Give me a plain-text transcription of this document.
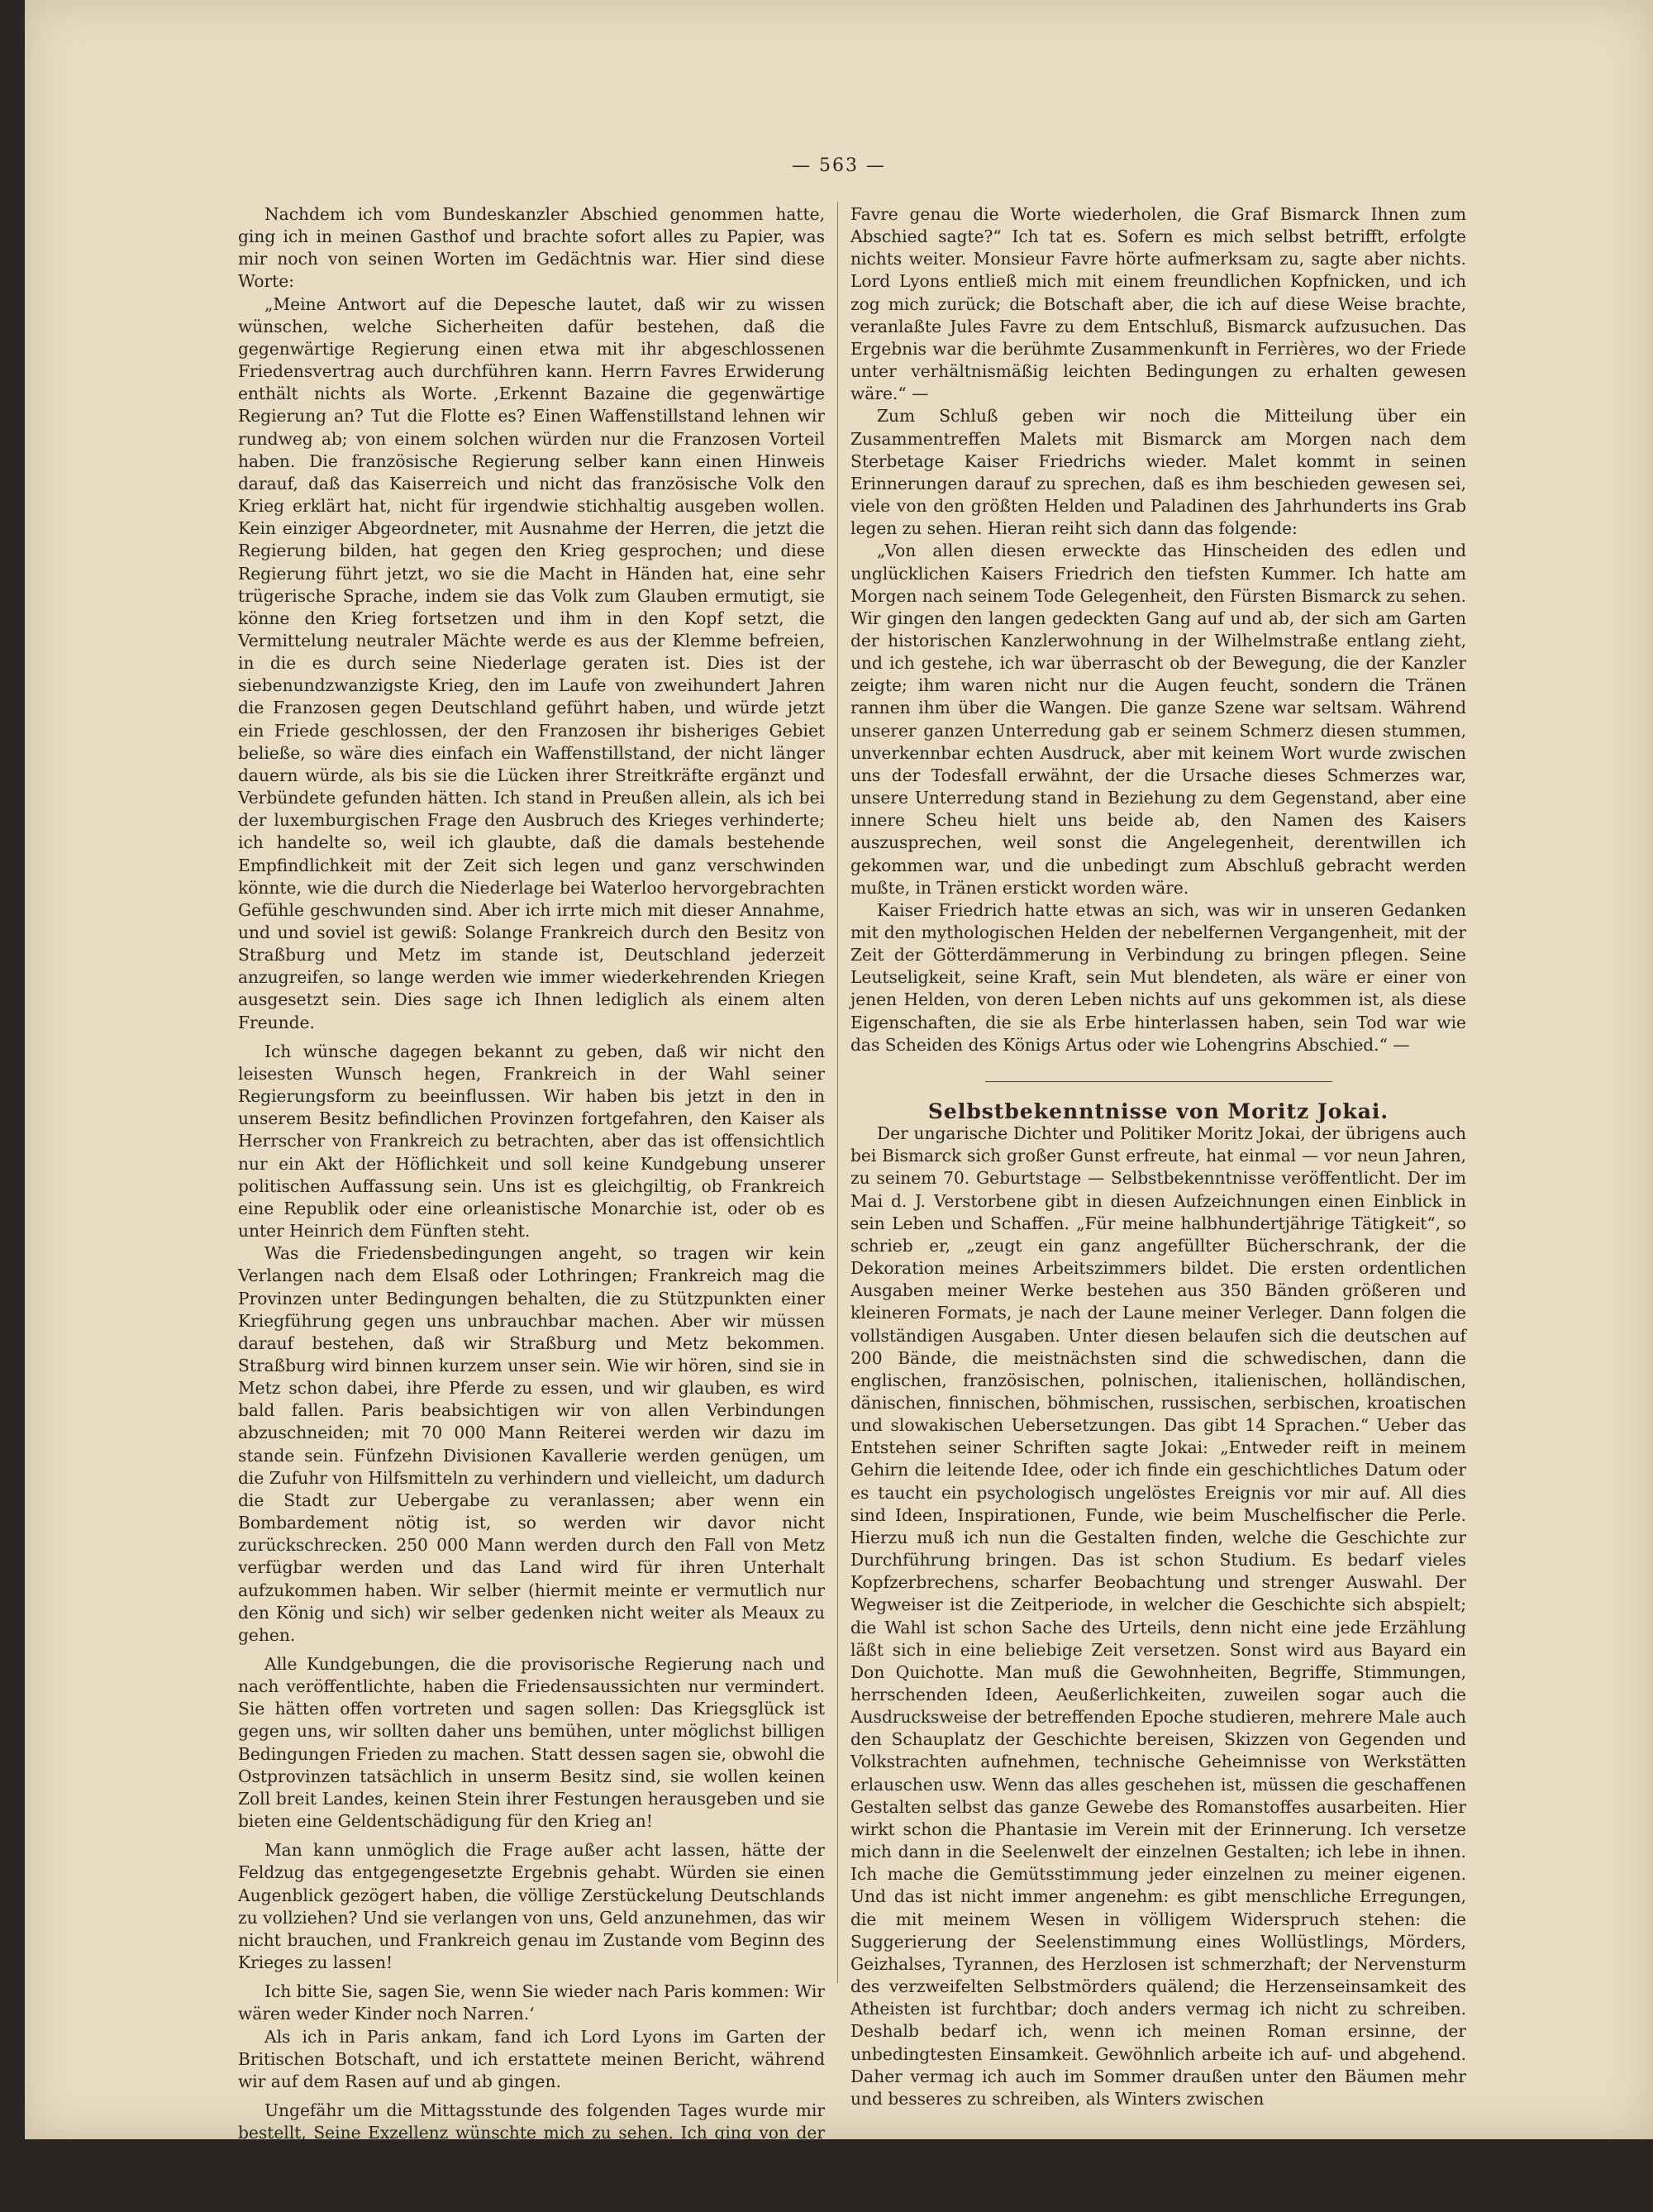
— 563 —

Nachdem ich vom Bundeskanzler Abschied genommen hatte, ging ich in meinen Gasthof und brachte sofort alles zu Papier, was mir noch von seinen Worten im Gedächtnis war. Hier sind diese Worte:

„Meine Antwort auf die Depesche lautet, daß wir zu wissen wünschen, welche Sicherheiten dafür bestehen, daß die gegenwärtige Regierung einen etwa mit ihr abgeschlossenen Friedensvertrag auch durchführen kann. Herrn Favres Erwiderung enthält nichts als Worte. ‚Erkennt Bazaine die gegenwärtige Regierung an? Tut die Flotte es? Einen Waffenstillstand lehnen wir rundweg ab; von einem solchen würden nur die Franzosen Vorteil haben. Die französische Regierung selber kann einen Hinweis darauf, daß das Kaiserreich und nicht das französische Volk den Krieg erklärt hat, nicht für irgendwie stichhaltig ausgeben wollen. Kein einziger Abgeordneter, mit Ausnahme der Herren, die jetzt die Regierung bilden, hat gegen den Krieg gesprochen; und diese Regierung führt jetzt, wo sie die Macht in Händen hat, eine sehr trügerische Sprache, indem sie das Volk zum Glauben ermutigt, sie könne den Krieg fortsetzen und ihm in den Kopf setzt, die Vermittelung neutraler Mächte werde es aus der Klemme befreien, in die es durch seine Niederlage geraten ist. Dies ist der siebenundzwanzigste Krieg, den im Laufe von zweihundert Jahren die Franzosen gegen Deutschland geführt haben, und würde jetzt ein Friede geschlossen, der den Franzosen ihr bisheriges Gebiet beließe, so wäre dies einfach ein Waffenstillstand, der nicht länger dauern würde, als bis sie die Lücken ihrer Streitkräfte ergänzt und Verbündete gefunden hätten. Ich stand in Preußen allein, als ich bei der luxemburgischen Frage den Ausbruch des Krieges verhinderte; ich handelte so, weil ich glaubte, daß die damals bestehende Empfindlichkeit mit der Zeit sich legen und ganz verschwinden könnte, wie die durch die Niederlage bei Waterloo hervorgebrachten Gefühle geschwunden sind. Aber ich irrte mich mit dieser Annahme, und und soviel ist gewiß: Solange Frankreich durch den Besitz von Straßburg und Metz im stande ist, Deutschland jederzeit anzugreifen, so lange werden wie immer wiederkehrenden Kriegen ausgesetzt sein. Dies sage ich Ihnen lediglich als einem alten Freunde.

Ich wünsche dagegen bekannt zu geben, daß wir nicht den leisesten Wunsch hegen, Frankreich in der Wahl seiner Regierungsform zu beeinflussen. Wir haben bis jetzt in den in unserem Besitz befindlichen Provinzen fortgefahren, den Kaiser als Herrscher von Frankreich zu betrachten, aber das ist offensichtlich nur ein Akt der Höflichkeit und soll keine Kundgebung unserer politischen Auffassung sein. Uns ist es gleichgiltig, ob Frankreich eine Republik oder eine orleanistische Monarchie ist, oder ob es unter Heinrich dem Fünften steht.

Was die Friedensbedingungen angeht, so tragen wir kein Verlangen nach dem Elsaß oder Lothringen; Frankreich mag die Provinzen unter Bedingungen behalten, die zu Stützpunkten einer Kriegführung gegen uns unbrauchbar machen. Aber wir müssen darauf bestehen, daß wir Straßburg und Metz bekommen. Straßburg wird binnen kurzem unser sein. Wie wir hören, sind sie in Metz schon dabei, ihre Pferde zu essen, und wir glauben, es wird bald fallen. Paris beabsichtigen wir von allen Verbindungen abzuschneiden; mit 70 000 Mann Reiterei werden wir dazu im stande sein. Fünfzehn Divisionen Kavallerie werden genügen, um die Zufuhr von Hilfsmitteln zu verhindern und vielleicht, um dadurch die Stadt zur Uebergabe zu veranlassen; aber wenn ein Bombardement nötig ist, so werden wir davor nicht zurückschrecken. 250 000 Mann werden durch den Fall von Metz verfügbar werden und das Land wird für ihren Unterhalt aufzukommen haben. Wir selber (hiermit meinte er vermutlich nur den König und sich) wir selber gedenken nicht weiter als Meaux zu gehen.

Alle Kundgebungen, die die provisorische Regierung nach und nach veröffentlichte, haben die Friedensaussichten nur vermindert. Sie hätten offen vortreten und sagen sollen: Das Kriegsglück ist gegen uns, wir sollten daher uns bemühen, unter möglichst billigen Bedingungen Frieden zu machen. Statt dessen sagen sie, obwohl die Ostprovinzen tatsächlich in unserm Besitz sind, sie wollen keinen Zoll breit Landes, keinen Stein ihrer Festungen herausgeben und sie bieten eine Geldentschädigung für den Krieg an!

Man kann unmöglich die Frage außer acht lassen, hätte der Feldzug das entgegengesetzte Ergebnis gehabt. Würden sie einen Augenblick gezögert haben, die völlige Zerstückelung Deutschlands zu vollziehen? Und sie verlangen von uns, Geld anzunehmen, das wir nicht brauchen, und Frankreich genau im Zustande vom Beginn des Krieges zu lassen!

Ich bitte Sie, sagen Sie, wenn Sie wieder nach Paris kommen: Wir wären weder Kinder noch Narren.‘

Als ich in Paris ankam, fand ich Lord Lyons im Garten der Britischen Botschaft, und ich erstattete meinen Bericht, während wir auf dem Rasen auf und ab gingen.

Ungefähr um die Mittagsstunde des folgenden Tages wurde mir bestellt, Seine Exzellenz wünschte mich zu sehen. Ich ging von der Kanzlei hinüber und wurde in den gelben Salon gewiesen, wo ich ihn und Jules Favre fand. Lord Lyons bat mich, Platz zu nehmen; dann sagte er zu mir: ‚Wollen Sie Monsieur Jules

Favre genau die Worte wiederholen, die Graf Bismarck Ihnen zum Abschied sagte?“ Ich tat es. Sofern es mich selbst betrifft, erfolgte nichts weiter. Monsieur Favre hörte aufmerksam zu, sagte aber nichts. Lord Lyons entließ mich mit einem freundlichen Kopfnicken, und ich zog mich zurück; die Botschaft aber, die ich auf diese Weise brachte, veranlaßte Jules Favre zu dem Entschluß, Bismarck aufzusuchen. Das Ergebnis war die berühmte Zusammenkunft in Ferrières, wo der Friede unter verhältnismäßig leichten Bedingungen zu erhalten gewesen wäre.“ —

Zum Schluß geben wir noch die Mitteilung über ein Zusammentreffen Malets mit Bismarck am Morgen nach dem Sterbetage Kaiser Friedrichs wieder. Malet kommt in seinen Erinnerungen darauf zu sprechen, daß es ihm beschieden gewesen sei, viele von den größten Helden und Paladinen des Jahrhunderts ins Grab legen zu sehen. Hieran reiht sich dann das folgende:

„Von allen diesen erweckte das Hinscheiden des edlen und unglücklichen Kaisers Friedrich den tiefsten Kummer. Ich hatte am Morgen nach seinem Tode Gelegenheit, den Fürsten Bismarck zu sehen. Wir gingen den langen gedeckten Gang auf und ab, der sich am Garten der historischen Kanzlerwohnung in der Wilhelmstraße entlang zieht, und ich gestehe, ich war überrascht ob der Bewegung, die der Kanzler zeigte; ihm waren nicht nur die Augen feucht, sondern die Tränen rannen ihm über die Wangen. Die ganze Szene war seltsam. Während unserer ganzen Unterredung gab er seinem Schmerz diesen stummen, unverkennbar echten Ausdruck, aber mit keinem Wort wurde zwischen uns der Todesfall erwähnt, der die Ursache dieses Schmerzes war, unsere Unterredung stand in Beziehung zu dem Gegenstand, aber eine innere Scheu hielt uns beide ab, den Namen des Kaisers auszusprechen, weil sonst die Angelegenheit, derentwillen ich gekommen war, und die unbedingt zum Abschluß gebracht werden mußte, in Tränen erstickt worden wäre.

Kaiser Friedrich hatte etwas an sich, was wir in unseren Gedanken mit den mythologischen Helden der nebelfernen Vergangenheit, mit der Zeit der Götterdämmerung in Verbindung zu bringen pflegen. Seine Leutseligkeit, seine Kraft, sein Mut blendeten, als wäre er einer von jenen Helden, von deren Leben nichts auf uns gekommen ist, als diese Eigenschaften, die sie als Erbe hinterlassen haben, sein Tod war wie das Scheiden des Königs Artus oder wie Lohengrins Abschied.“ —

Selbstbekenntnisse von Moritz Jokai.

Der ungarische Dichter und Politiker Moritz Jokai, der übrigens auch bei Bismarck sich großer Gunst erfreute, hat einmal — vor neun Jahren, zu seinem 70. Geburtstage — Selbstbekenntnisse veröffentlicht. Der im Mai d. J. Verstorbene gibt in diesen Aufzeichnungen einen Einblick in sein Leben und Schaffen. „Für meine halbhundertjährige Tätigkeit“, so schrieb er, „zeugt ein ganz angefüllter Bücherschrank, der die Dekoration meines Arbeitszimmers bildet. Die ersten ordentlichen Ausgaben meiner Werke bestehen aus 350 Bänden größeren und kleineren Formats, je nach der Laune meiner Verleger. Dann folgen die vollständigen Ausgaben. Unter diesen belaufen sich die deutschen auf 200 Bände, die meistnächsten sind die schwedischen, dann die englischen, französischen, polnischen, italienischen, holländischen, dänischen, finnischen, böhmischen, russischen, serbischen, kroatischen und slowakischen Uebersetzungen. Das gibt 14 Sprachen.“ Ueber das Entstehen seiner Schriften sagte Jokai: „Entweder reift in meinem Gehirn die leitende Idee, oder ich finde ein geschichtliches Datum oder es taucht ein psychologisch ungelöstes Ereignis vor mir auf. All dies sind Ideen, Inspirationen, Funde, wie beim Muschelfischer die Perle. Hierzu muß ich nun die Gestalten finden, welche die Geschichte zur Durchführung bringen. Das ist schon Studium. Es bedarf vieles Kopfzerbrechens, scharfer Beobachtung und strenger Auswahl. Der Wegweiser ist die Zeitperiode, in welcher die Geschichte sich abspielt; die Wahl ist schon Sache des Urteils, denn nicht eine jede Erzählung läßt sich in eine beliebige Zeit versetzen. Sonst wird aus Bayard ein Don Quichotte. Man muß die Gewohnheiten, Begriffe, Stimmungen, herrschenden Ideen, Aeußerlichkeiten, zuweilen sogar auch die Ausdrucksweise der betreffenden Epoche studieren, mehrere Male auch den Schauplatz der Geschichte bereisen, Skizzen von Gegenden und Volkstrachten aufnehmen, technische Geheimnisse von Werkstätten erlauschen usw. Wenn das alles geschehen ist, müssen die geschaffenen Gestalten selbst das ganze Gewebe des Romanstoffes ausarbeiten. Hier wirkt schon die Phantasie im Verein mit der Erinnerung. Ich versetze mich dann in die Seelenwelt der einzelnen Gestalten; ich lebe in ihnen. Ich mache die Gemütsstimmung jeder einzelnen zu meiner eigenen. Und das ist nicht immer angenehm: es gibt menschliche Erregungen, die mit meinem Wesen in völligem Widerspruch stehen: die Suggerierung der Seelenstimmung eines Wollüstlings, Mörders, Geizhalses, Tyrannen, des Herzlosen ist schmerzhaft; der Nervensturm des verzweifelten Selbstmörders quälend; die Herzenseinsamkeit des Atheisten ist furchtbar; doch anders vermag ich nicht zu schreiben. Deshalb bedarf ich, wenn ich meinen Roman ersinne, der unbedingtesten Einsamkeit. Gewöhnlich arbeite ich auf- und abgehend. Daher vermag ich auch im Sommer draußen unter den Bäumen mehr und besseres zu schreiben, als Winters zwischen
